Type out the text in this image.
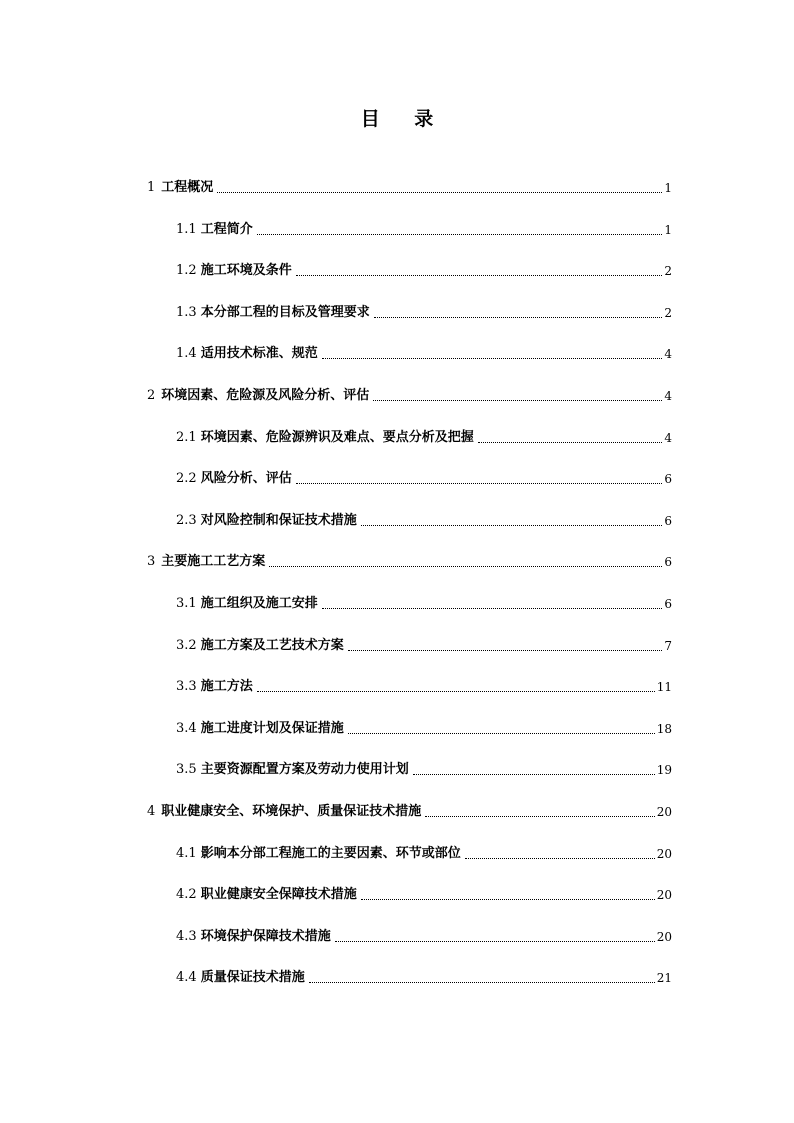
目 录
1 工程概况	1
1.1 工程简介	1
1.2 施工环境及条件	2
1.3 本分部工程的目标及管理要求	2
1.4 适用技术标准、规范	4
2 环境因素、危险源及风险分析、评估	4
2.1 环境因素、危险源辨识及难点、要点分析及把握	4
2.2 风险分析、评估	6
2.3 对风险控制和保证技术措施	6
3 主要施工工艺方案	6
3.1 施工组织及施工安排	6
3.2 施工方案及工艺技术方案	7
3.3 施工方法	11
3.4 施工进度计划及保证措施	18
3.5 主要资源配置方案及劳动力使用计划	19
4 职业健康安全、环境保护、质量保证技术措施	20
4.1 影响本分部工程施工的主要因素、环节或部位	20
4.2 职业健康安全保障技术措施	20
4.3 环境保护保障技术措施	20
4.4 质量保证技术措施	21
